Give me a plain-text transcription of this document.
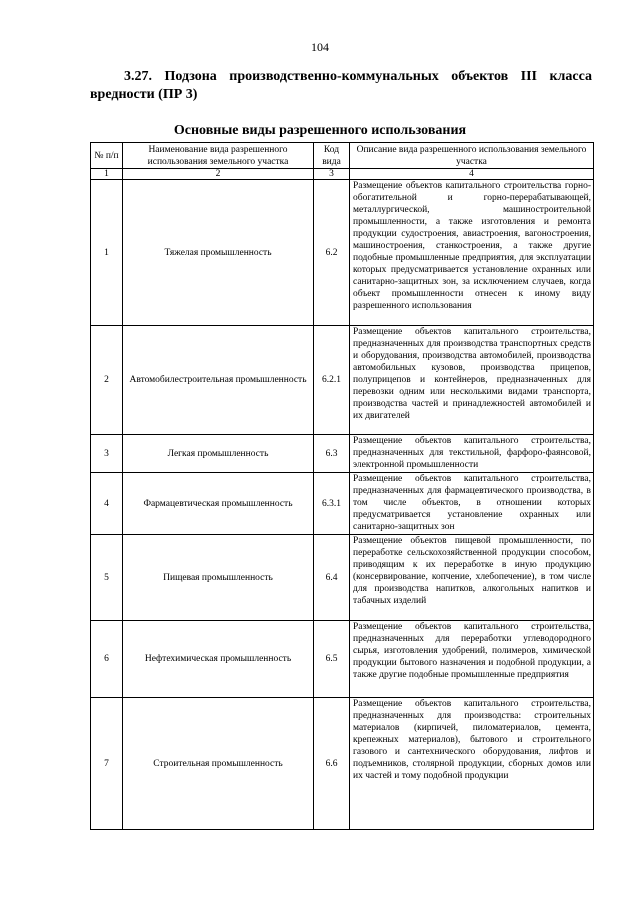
104
3.27. Подзона производственно-коммунальных объектов III класса вредности (ПР 3)
Основные виды разрешенного использования
№ п/п	Наименование вида разрешенного использования земельного участка	Код вида	Описание вида разрешенного использования земельного участка
1	2	3	4
1	Тяжелая промышленность	6.2	Размещение объектов капитального строительства горно-обогатительной и горно-перерабатывающей, металлургической, машиностроительной промышленности, а также изготовления и ремонта продукции судостроения, авиастроения, вагоностроения, машиностроения, станкостроения, а также другие подобные промышленные предприятия, для эксплуатации которых предусматривается установление охранных или санитарно-защитных зон, за исключением случаев, когда объект промышленности отнесен к иному виду разрешенного использования
2	Автомобилестроительная промышленность	6.2.1	Размещение объектов капитального строительства, предназначенных для производства транспортных средств и оборудования, производства автомобилей, производства автомобильных кузовов, производства прицепов, полуприцепов и контейнеров, предназначенных для перевозки одним или несколькими видами транспорта, производства частей и принадлежностей автомобилей и их двигателей
3	Легкая промышленность	6.3	Размещение объектов капитального строительства, предназначенных для текстильной, фарфоро-фаянсовой, электронной промышленности
4	Фармацевтическая промышленность	6.3.1	Размещение объектов капитального строительства, предназначенных для фармацевтического производства, в том числе объектов, в отношении которых предусматривается установление охранных или санитарно-защитных зон
5	Пищевая промышленность	6.4	Размещение объектов пищевой промышленности, по переработке сельскохозяйственной продукции способом, приводящим к их переработке в иную продукцию (консервирование, копчение, хлебопечение), в том числе для производства напитков, алкогольных напитков и табачных изделий
6	Нефтехимическая промышленность	6.5	Размещение объектов капитального строительства, предназначенных для переработки углеводородного сырья, изготовления удобрений, полимеров, химической продукции бытового назначения и подобной продукции, а также другие подобные промышленные предприятия
7	Строительная промышленность	6.6	Размещение объектов капитального строительства, предназначенных для производства: строительных материалов (кирпичей, пиломатериалов, цемента, крепежных материалов), бытового и строительного газового и сантехнического оборудования, лифтов и подъемников, столярной продукции, сборных домов или их частей и тому подобной продукции
